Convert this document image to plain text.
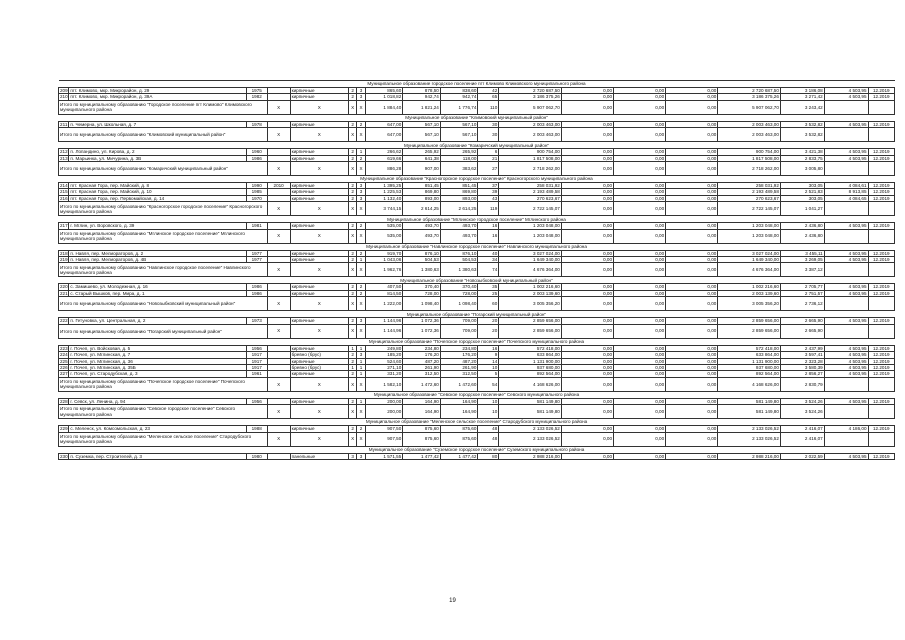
Муниципальное образование городское поселение пгт Климово Климовского муниципального района																		
209	пгт. Климово, мкр. Микрорайон, д. 29	1975		кирпичные	2	3	865,60	878,50	838,60	42	2 720 687,50	0,00	0,00	0,00	2 720 687,50	3 186,08	4 503,95	12.2019
210	пгт. Климово, мкр. Микрорайон, д. 39А	1982		кирпичные	2	3	1 018,82	942,74	942,74	65	3 186 375,26	0,00	0,00	0,00	3 186 375,26	3 271,42	4 503,95	12.2019
Итого по муниципальному образованию "Городское поселение пгт Климово" Климовского муниципального района			X	X	X	X	1 884,40	1 821,24	1 776,74	110	5 907 062,70	0,00	0,00	0,00	5 907 062,70	3 243,42		
Муниципальное образование "Климовский муниципальный район"																		
211	п. Чемерна, ул. Школьная, д. 7	1978		кирпичные	2	2	647,00	567,10	567,10	30	2 003 463,00	0,00	0,00	0,00	2 003 463,00	3 532,82	4 503,95	12.2019
Итого по муниципальному образованию "Климовский муниципальный район"			X	X	X	X	647,00	567,10	567,10	30	2 003 463,00	0,00	0,00	0,00	2 003 463,00	3 532,82		
Муниципальное образование "Комаричский муниципальный район"																		
212	п. Лопандино, ул. Кирова, д. 2	1960		кирпичные	2	1	266,62	265,92	265,92	6	900 754,00	0,00	0,00	0,00	900 754,00	3 421,38	4 503,95	12.2019
213	п. Марьинка, ул. Мичурина, д. 3В	1986		кирпичные	2	2	619,66	641,38	118,00	21	1 817 508,00	0,00	0,00	0,00	1 817 508,00	2 833,75	4 503,95	12.2019
Итого по муниципальному образованию "Комаричский муниципальный район"			X	X	X	X	886,28	907,00	383,62	27	2 718 262,00	0,00	0,00	0,00	2 718 262,00	3 005,80		
Муниципальное образование "Красногорское городское поселение" Красногорского муниципального района																		
214	пгт. Красная Гора, пер. Майский, д. 8	1990	2010	кирпичные	2	3	1 395,25	851,45	851,45	37	258 031,92	0,00	0,00	0,00	258 031,92	303,05	4 084,61	12.2019
215	пгт. Красная Гора, пер. Майский, д. 10	1985		кирпичные	2	3	1 225,53	869,80	869,80	39	2 193 489,58	0,00	0,00	0,00	2 193 489,58	2 521,83	8 913,85	12.2019
216	пгт. Красная Гора, пер. Первомайская, д. 14	1970		кирпичные	2	3	1 132,40	893,00	893,00	43	270 623,67	0,00	0,00	0,00	270 623,67	303,05	4 084,65	12.2019
Итого по муниципальному образованию "Красногорское городское поселение" Красногорского муниципального района			X	X	X	X	3 744,15	2 614,25	2 614,25	119	2 722 145,07	0,00	0,00	0,00	2 722 145,07	1 041,27		
Муниципальное образование "Мглинское городское поселение" Мглинского района																		
217	г. Мглин, ул. Воровского, д. 39	1981		кирпичные	2	2	535,00	493,70	493,70	16	1 203 048,00	0,00	0,00	0,00	1 203 048,00	2 436,80	4 503,95	12.2019
Итого по муниципальному образованию "Мглинское городское поселение" Мглинского муниципального района			X	X	X	X	535,00	493,70	493,70	16	1 203 048,00	0,00	0,00	0,00	1 203 048,00	2 436,80		
Муниципальное образование "Навлинское городское поселение" Навлинского муниципального района																		
218	п. Навля, пер. Мелиораторов, д. 2	1977		кирпичные	2	2	919,70	876,10	876,10	40	3 027 024,00	0,00	0,00	0,00	3 027 024,00	3 455,11	4 503,95	12.2019
219	п. Навля, пер. Мелиораторов, д. 4В	1977		кирпичные	2	1	1 043,06	504,53	504,53	34	1 649 340,00	0,00	0,00	0,00	1 649 340,00	3 269,05	4 503,95	12.2019
Итого по муниципальному образованию "Навлинское городское поселение" Навлинского муниципального района			X	X	X	X	1 962,76	1 380,63	1 380,63	74	4 676 364,00	0,00	0,00	0,00	4 676 364,00	3 387,12		
Муниципальное образование "Новозыбковский муниципальный район"																		
220	с. Замишево, ул. Молодежная, д. 16	1986		кирпичные	2	2	407,50	370,40	370,40	35	1 002 216,60	0,00	0,00	0,00	1 002 216,60	2 705,77	4 503,95	12.2019
221	с. Старый Вышков, пер. Мира, д. 1	1986		кирпичные	2	2	814,50	728,00	728,00	25	2 003 139,60	0,00	0,00	0,00	2 003 139,60	2 751,57	4 503,95	12.2019
Итого по муниципальному образованию "Новозыбковский муниципальный район"			X	X	X	X	1 222,00	1 098,40	1 098,40	60	3 005 356,20	0,00	0,00	0,00	3 005 356,20	2 736,12		
Муниципальное образование "Погарский муниципальный район"																		
222	п. Гетуновка, ул. Центральная, д. 2	1973		кирпичные	2	3	1 144,96	1 072,36	709,00	20	2 859 656,00	0,00	0,00	0,00	2 859 656,00	2 665,90	4 503,95	12.2019
Итого по муниципальному образованию "Погарский муниципальный район"			X	X	X	X	1 144,96	1 072,36	709,00	20	2 859 656,00	0,00	0,00	0,00	2 859 656,00	2 665,90		
Муниципальное образование "Почепское городское поселение" Почепского муниципального района																		
223	г. Почеп, ул. Войсковая, д. 5	1956		кирпичные	1	1	249,80	234,80	234,80	16	572 418,00	0,00	0,00	0,00	572 418,00	2 437,99	4 503,95	12.2019
224	г. Почеп, ул. Мглинская, д. 7	1917		бревно (брус)	2	3	185,20	176,20	176,20	9	633 864,00	0,00	0,00	0,00	633 864,00	3 597,41	4 503,95	12.2019
225	г. Почеп, ул. Мглинская, д. 36	1917		кирпичные	2	1	524,60	487,20	487,20	14	1 131 900,00	0,00	0,00	0,00	1 131 900,00	2 323,28	4 503,95	12.2019
226	г. Почеп, ул. Мглинская, д. 35Б	1917		бревно (брус)	1	1	271,10	261,90	261,90	10	937 680,00	0,00	0,00	0,00	937 680,00	3 580,39	4 503,95	12.2019
227	г. Почеп, ул. Стародубская, д. 3	1961		кирпичные	2	1	331,20	312,50	312,50	5	892 564,00	0,00	0,00	0,00	892 564,00	2 856,27	4 503,95	12.2019
Итого по муниципальному образованию "Почепское городское поселение" Почепского муниципального района			X	X	X	X	1 582,10	1 472,60	1 472,60	54	4 168 626,00	0,00	0,00	0,00	4 168 626,00	2 830,79		
Муниципальное образование "Севское городское поселение" Севского муниципального района																		
228	г. Севск, ул. Ленина, д. 94	1956		кирпичные	2	1	200,00	164,90	164,90	10	581 149,80	0,00	0,00	0,00	581 149,80	3 524,26	4 503,95	12.2019
Итого по муниципальному образованию "Севское городское поселение" Севского муниципального района			X	X	X	X	200,00	164,90	164,90	10	581 149,80	0,00	0,00	0,00	581 149,80	3 524,26		
Муниципальное образование "Меленское сельское поселение" Стародубского муниципального района																		
229	с. Меленск, ул. Комсомольская, д. 23	1988		кирпичные	2	2	907,50	875,60	875,60	48	2 133 026,52	0,00	0,00	0,00	2 133 026,52	2 416,07	4 186,00	12.2019
Итого по муниципальному образованию "Меленское сельское поселение" Стародубского муниципального района			X	X	X	X	907,50	875,60	875,60	48	2 133 026,52	0,00	0,00	0,00	2 133 026,52	2 416,07		
Муниципальное образование "Суземское городское поселение" Суземского муниципального района																		
230	п. Суземка, пер. Строителей, д. 3	1980		панельные	3	3	1 571,55	1 477,42	1 477,42	80	2 988 216,00	0,00	0,00	0,00	2 988 216,00	2 022,59	4 503,95	12.2019
19
